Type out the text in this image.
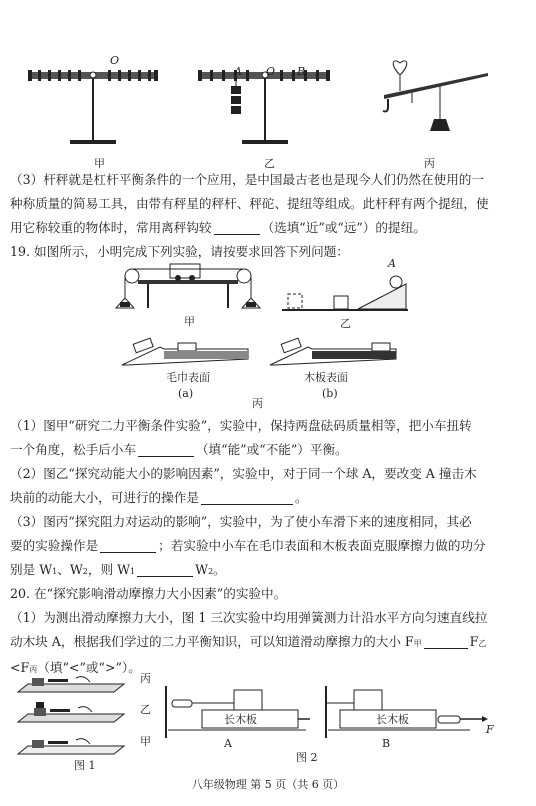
O
甲
A O B
乙	丙
（3）杆秤就是杠杆平衡条件的一个应用，是中国最古老也是现今人们仍然在使用的一
种称质量的简易工具，由带有秤星的秤杆、秤砣、提纽等组成。此杆秤有两个提纽，使
用它称较重的物体时，常用离秤钩较	（选填“近”或“远”）的提纽。
19. 如图所示，小明完成下列实验，请按要求回答下列问题：
甲
A
乙
毛巾表面	木板表面
(a)	(b)
丙
（1）图甲“研究二力平衡条件实验”，实验中，保持两盘砝码质量相等，把小车扭转
一个角度，松手后小车	（填“能”或“不能”）平衡。
（2）图乙“探究动能大小的影响因素”，实验中，对于同一个球 A，要改变 A 撞击木
块前的动能大小，可进行的操作是	。
（3）图丙“探究阻力对运动的影响”，实验中，为了使小车滑下来的速度相同，其必
要的实验操作是	；若实验中小车在毛巾表面和木板表面克服摩擦力做的功分
别是 W1、W2，则 W1	W2。
20. 在“探究影响滑动摩擦力大小因素”的实验中。
（1）为测出滑动摩擦力大小，图 1 三次实验中均用弹簧测力计沿水平方向匀速直线拉
动木块 A，根据我们学过的二力平衡知识，可以知道滑动摩擦力的大小 F甲	F乙
<F丙（填“<”或“>”）。
丙
乙
甲
图 1
长木板
A
长木板
F
B
图 2
八年级物理 第 5 页（共 6 页）
